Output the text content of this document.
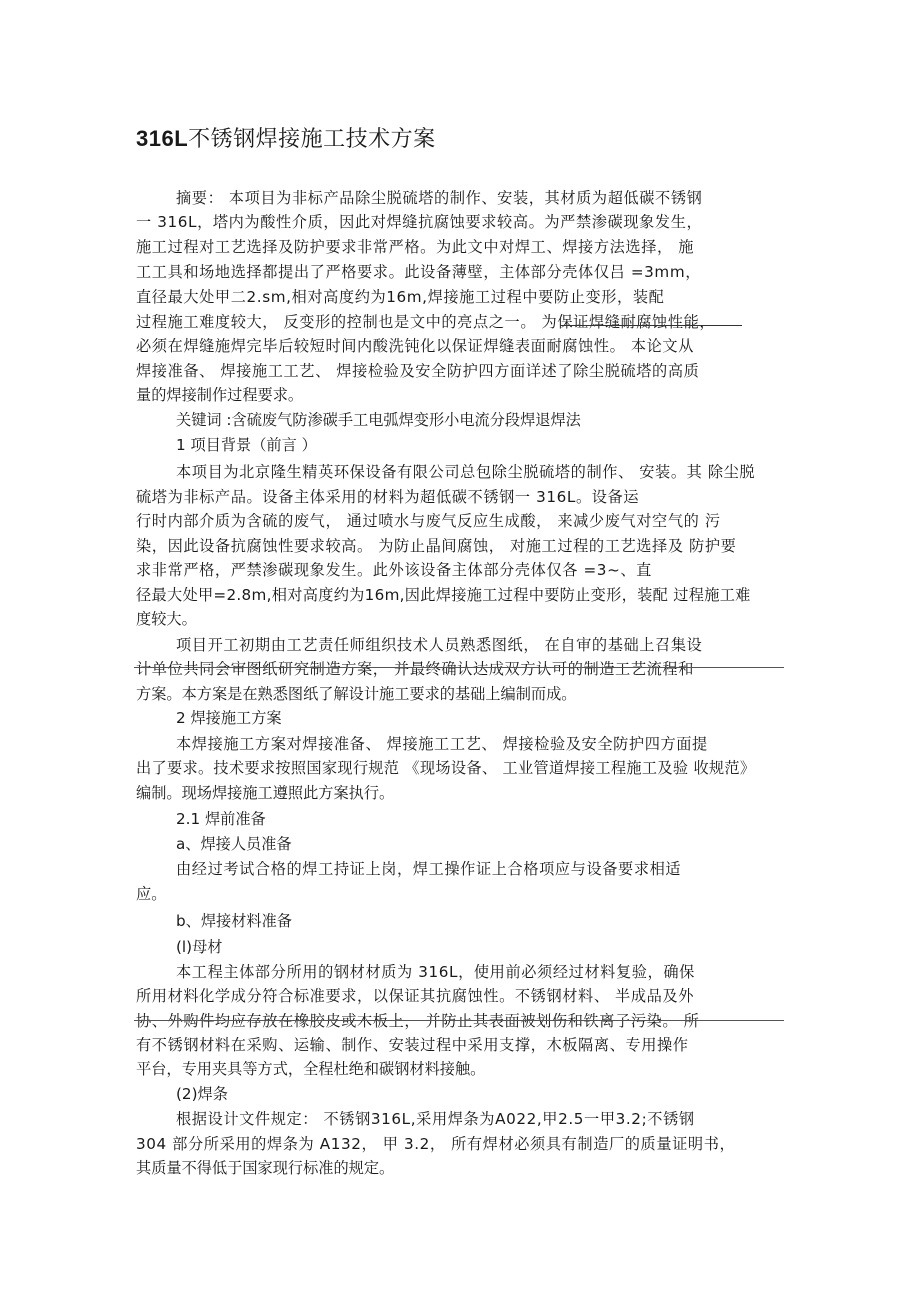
316L不锈钢焊接施工技术方案
摘要： 本项目为非标产品除尘脱硫塔的制作、安装，其材质为超低碳不锈钢
一 316L，塔内为酸性介质，因此对焊缝抗腐蚀要求较高。为严禁渗碳现象发生，
施工过程对工艺选择及防护要求非常严格。为此文中对焊工、焊接方法选择， 施
工工具和场地选择都提出了严格要求。此设备薄壁，主体部分壳体仅吕 =3mm，
直径最大处甲二2.sm,相对高度约为16m,焊接施工过程中要防止变形，装配
过程施工难度较大， 反变形的控制也是文中的亮点之一。 为保证焊缝耐腐蚀性能，
必须在焊缝施焊完毕后较短时间内酸洗钝化以保证焊缝表面耐腐蚀性。 本论文从
焊接准备、 焊接施工工艺、 焊接检验及安全防护四方面详述了除尘脱硫塔的高质
量的焊接制作过程要求。
关键词 :含硫废气防渗碳手工电弧焊变形小电流分段焊退焊法
1 项目背景（前言 ）
本项目为北京隆生精英环保设备有限公司总包除尘脱硫塔的制作、 安装。其 除尘脱
硫塔为非标产品。设备主体采用的材料为超低碳不锈钢一 316L。设备运
行时内部介质为含硫的废气， 通过喷水与废气反应生成酸， 来减少废气对空气的 污
染，因此设备抗腐蚀性要求较高。 为防止晶间腐蚀， 对施工过程的工艺选择及 防护要
求非常严格，严禁渗碳现象发生。此外该设备主体部分壳体仅各 =3~、直
径最大处甲=2.8m,相对高度约为16m,因此焊接施工过程中要防止变形，装配 过程施工难
度较大。
项目开工初期由工艺责任师组织技术人员熟悉图纸， 在自审的基础上召集设
计单位共同会审图纸研究制造方案， 并最终确认达成双方认可的制造工艺流程和
方案。本方案是在熟悉图纸了解设计施工要求的基础上编制而成。
2 焊接施工方案
本焊接施工方案对焊接准备、 焊接施工工艺、 焊接检验及安全防护四方面提
出了要求。技术要求按照国家现行规范 《现场设备、 工业管道焊接工程施工及验 收规范》
编制。现场焊接施工遵照此方案执行。
2.1 焊前准备
a、焊接人员准备
由经过考试合格的焊工持证上岗，焊工操作证上合格项应与设备要求相适
应。
b、焊接材料准备
(l)母材
本工程主体部分所用的钢材材质为 316L，使用前必须经过材料复验，确保
所用材料化学成分符合标准要求，以保证其抗腐蚀性。不锈钢材料、 半成品及外
协、外购件均应存放在橡胶皮或木板上， 并防止其表面被划伤和铁离子污染。 所
有不锈钢材料在采购、运输、制作、安装过程中采用支撑，木板隔离、专用操作
平台，专用夹具等方式，全程杜绝和碳钢材料接触。
(2)焊条
根据设计文件规定： 不锈钢316L,采用焊条为A022,甲2.5一甲3.2;不锈钢
304 部分所采用的焊条为 A132， 甲 3.2， 所有焊材必须具有制造厂的质量证明书，
其质量不得低于国家现行标准的规定。
